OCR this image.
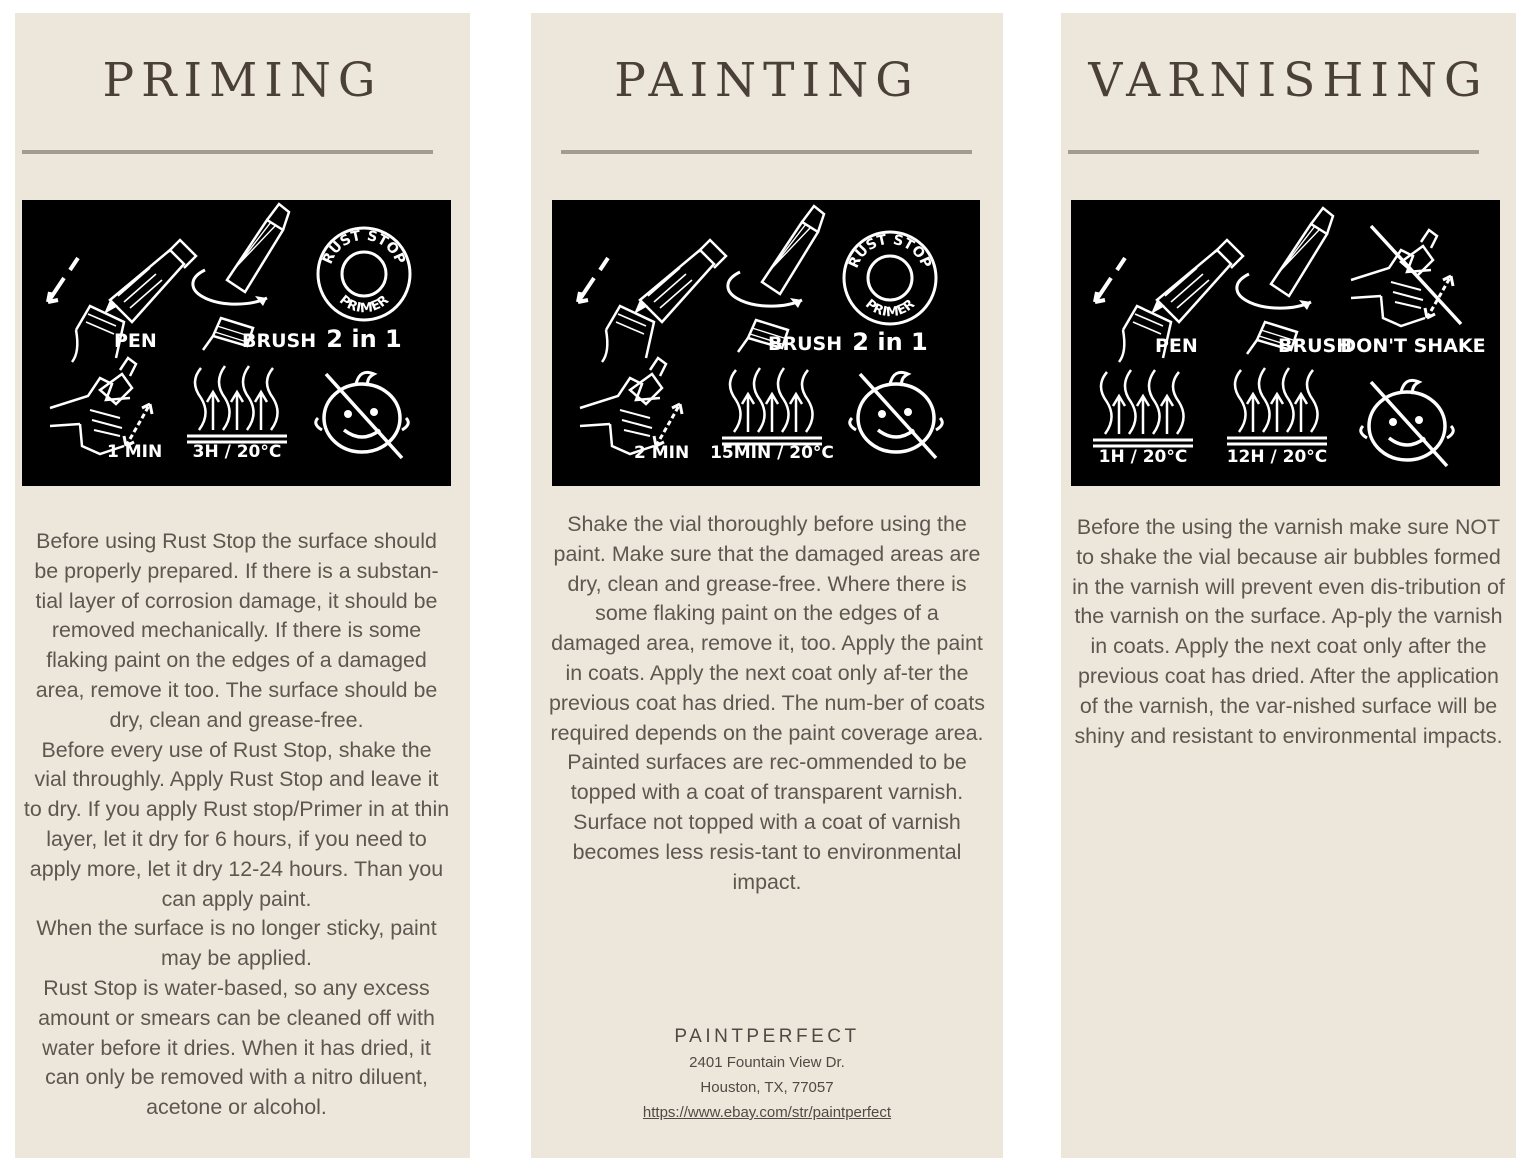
PRIMING
PEN	BRUSH
RUST STOP
PRIMER
2 in 1
1 MIN 3H / 20°C

Before using Rust Stop the surface should be properly prepared. If there is a substan-tial layer of corrosion damage, it should be removed mechanically. If there is some flaking paint on the edges of a damaged area, remove it too. The surface should be dry, clean and grease-free.

Before every use of Rust Stop, shake the vial throughly. Apply Rust Stop and leave it to dry. If you apply Rust stop/Primer in at thin layer, let it dry for 6 hours, if you need to apply more, let it dry 12-24 hours. Than you can apply paint.

When the surface is no longer sticky, paint may be applied.

Rust Stop is water-based, so any excess amount or smears can be cleaned off with water before it dries. When it has dried, it can only be removed with a nitro diluent, acetone or alcohol.

PAINTING
BRUSH
RUST STOP
PRIMER
2 in 1
2 MIN 15MIN / 20°C

Shake the vial thoroughly before using the paint. Make sure that the damaged areas are dry, clean and grease-free. Where there is some flaking paint on the edges of a damaged area, remove it, too. Apply the paint in coats. Apply the next coat only af-ter the previous coat has dried. The num-ber of coats required depends on the paint coverage area. Painted surfaces are rec-ommended to be topped with a coat of transparent varnish. Surface not topped with a coat of varnish becomes less resis-tant to environmental impact.

PAINTPERFECT
2401 Fountain View Dr.
Houston, TX, 77057
https://www.ebay.com/str/paintperfect
VARNISHING
PEN	BRUSH
DON'T SHAKE
1H / 20°C 12H / 20°C

Before the using the varnish make sure NOT to shake the vial because air bubbles formed in the varnish will prevent even dis-tribution of the varnish on the surface. Ap-ply the varnish in coats. Apply the next coat only after the previous coat has dried. After the application of the varnish, the var-nished surface will be shiny and resistant to environmental impacts.
